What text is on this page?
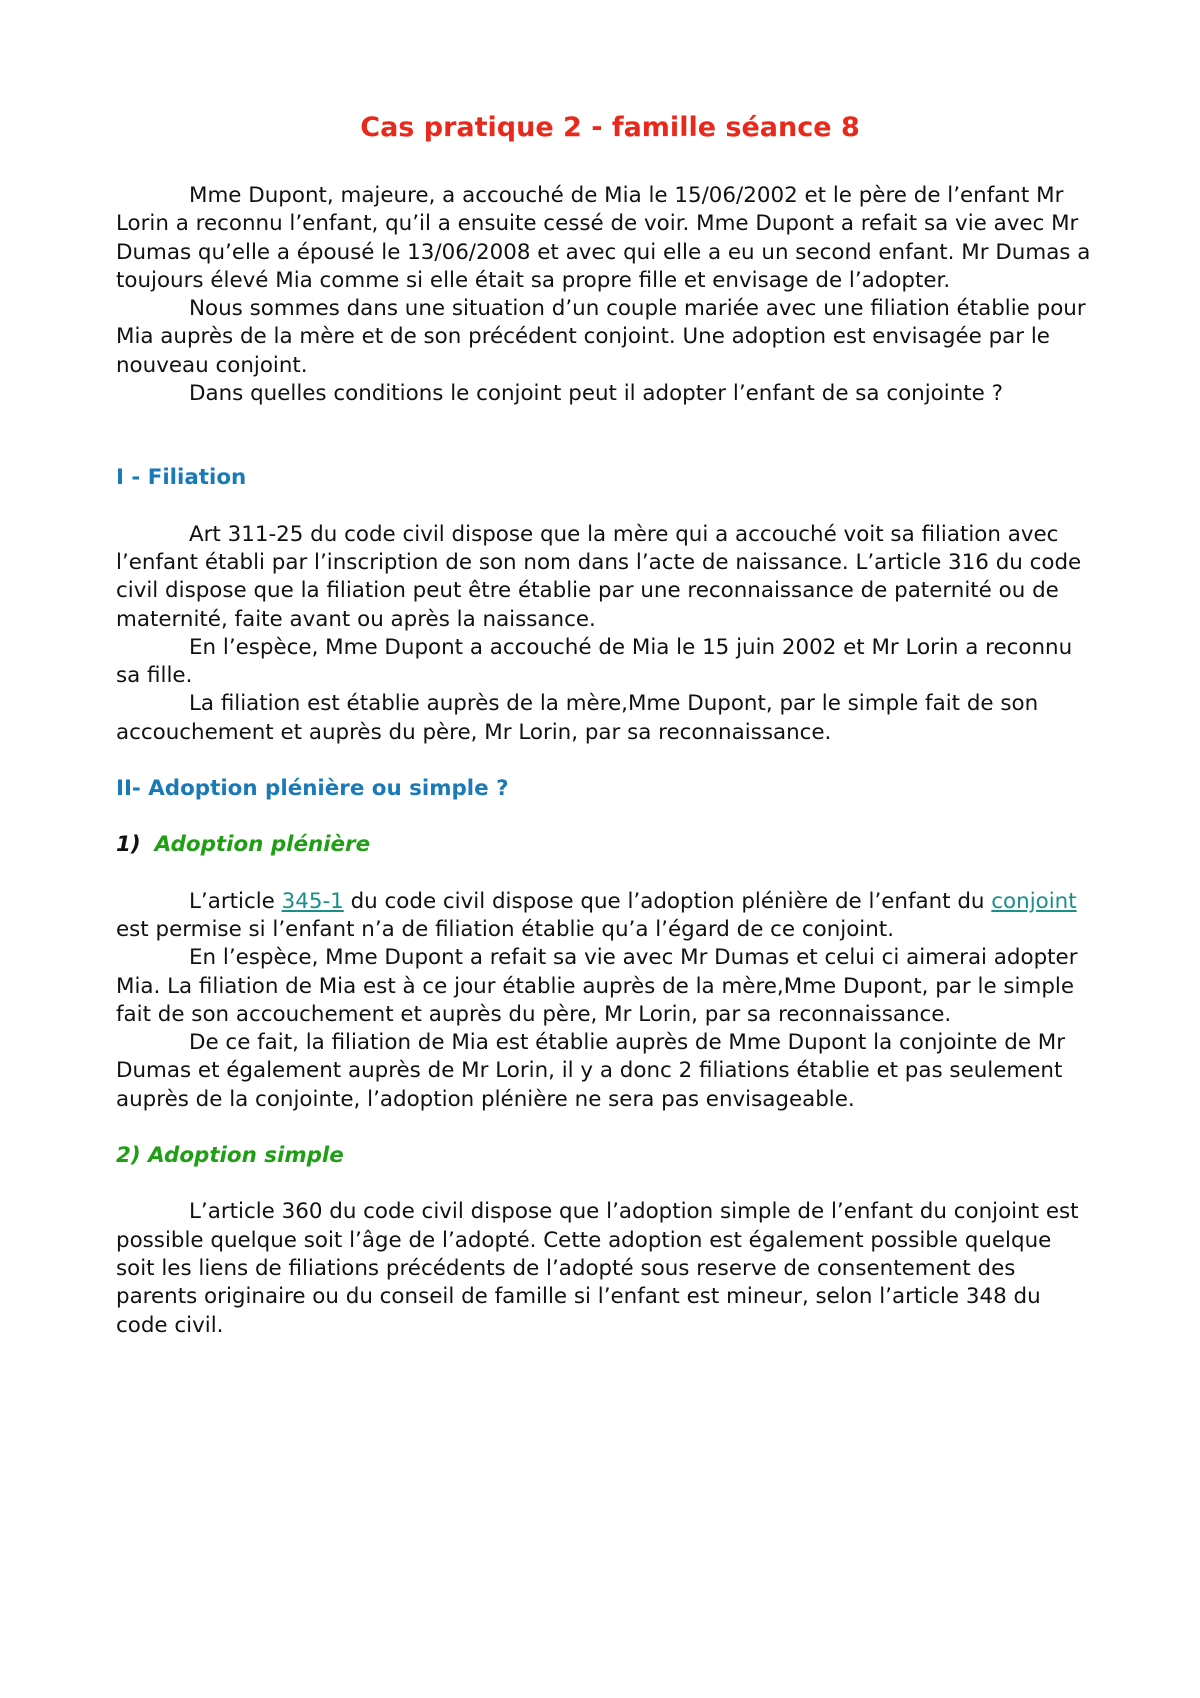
Cas pratique 2 - famille séance 8

Mme Dupont, majeure, a accouché de Mia le 15/06/2002 et le père de l’enfant Mr Lorin a reconnu l’enfant, qu’il a ensuite cessé de voir. Mme Dupont a refait sa vie avec Mr Dumas qu’elle a épousé le 13/06/2008 et avec qui elle a eu un second enfant. Mr Dumas a toujours élevé Mia comme si elle était sa propre fille et envisage de l’adopter.

Nous sommes dans une situation d’un couple mariée avec une filiation établie pour Mia auprès de la mère et de son précédent conjoint. Une adoption est envisagée par le nouveau conjoint.

Dans quelles conditions le conjoint peut il adopter l’enfant de sa conjointe ?

I - Filiation

Art 311-25 du code civil dispose que la mère qui a accouché voit sa filiation avec l’enfant établi par l’inscription de son nom dans l’acte de naissance. L’article 316 du code civil dispose que la filiation peut être établie par une reconnaissance de paternité ou de maternité, faite avant ou après la naissance.

En l’espèce, Mme Dupont a accouché de Mia le 15 juin 2002 et Mr Lorin a reconnu sa fille.

La filiation est établie auprès de la mère,Mme Dupont, par le simple fait de son accouchement et auprès du père, Mr Lorin, par sa reconnaissance.

II- Adoption plénière ou simple ?
1) Adoption plénière

L’article 345-1 du code civil dispose que l’adoption plénière de l’enfant du conjoint est permise si l’enfant n’a de filiation établie qu’a l’égard de ce conjoint.

En l’espèce, Mme Dupont a refait sa vie avec Mr Dumas et celui ci aimerai adopter Mia. La filiation de Mia est à ce jour établie auprès de la mère,Mme Dupont, par le simple fait de son accouchement et auprès du père, Mr Lorin, par sa reconnaissance.

De ce fait, la filiation de Mia est établie auprès de Mme Dupont la conjointe de Mr Dumas et également auprès de Mr Lorin, il y a donc 2 filiations établie et pas seulement auprès de la conjointe, l’adoption plénière ne sera pas envisageable.

2) Adoption simple

L’article 360 du code civil dispose que l’adoption simple de l’enfant du conjoint est possible quelque soit l’âge de l’adopté. Cette adoption est également possible quelque soit les liens de filiations précédents de l’adopté sous reserve de consentement des parents originaire ou du conseil de famille si l’enfant est mineur, selon l’article 348 du code civil.
